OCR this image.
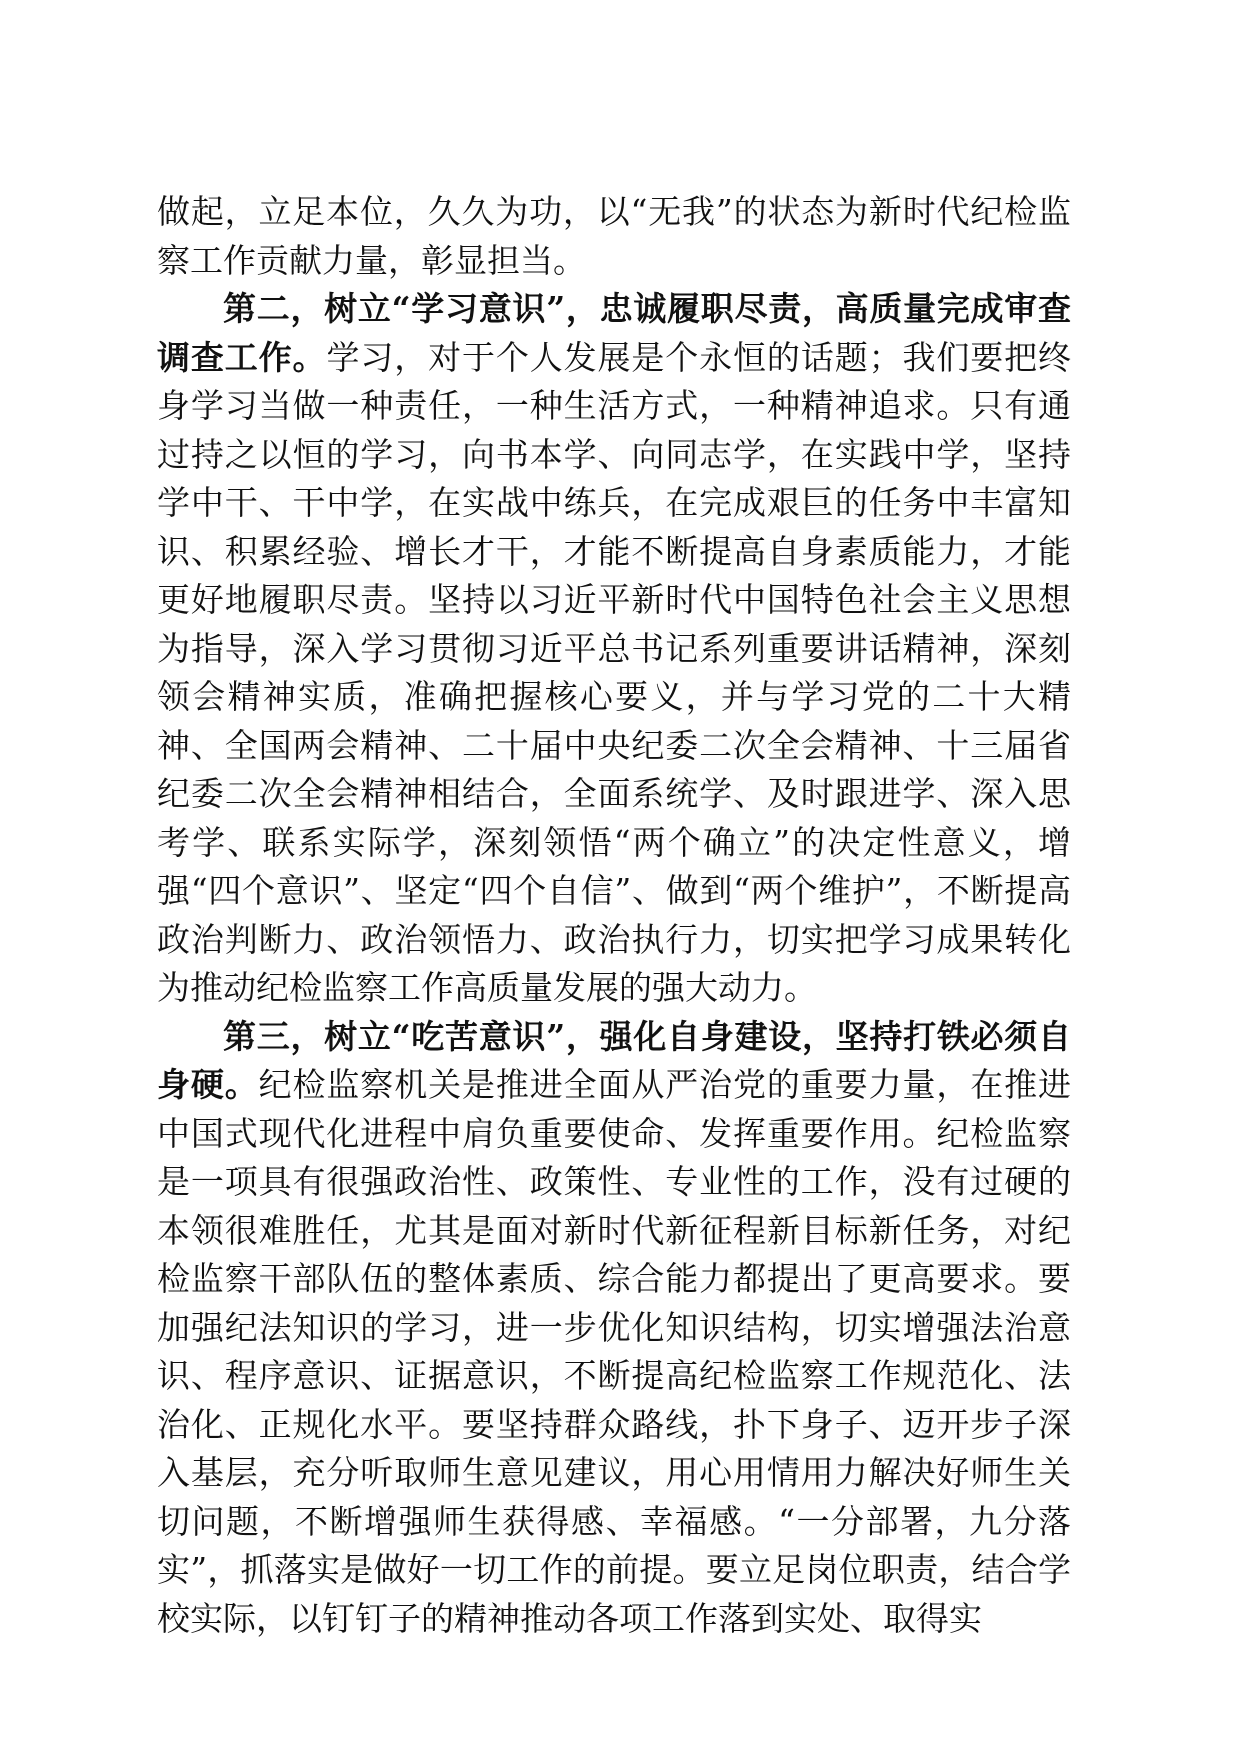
做起，立足本位，久久为功，以“无我”的状态为新时代纪检监察工作贡献力量，彰显担当。

第二，树立“学习意识”，忠诚履职尽责，高质量完成审查调查工作。学习，对于个人发展是个永恒的话题；我们要把终身学习当做一种责任，一种生活方式，一种精神追求。只有通过持之以恒的学习，向书本学、向同志学，在实践中学，坚持学中干、干中学，在实战中练兵，在完成艰巨的任务中丰富知识、积累经验、增长才干，才能不断提高自身素质能力，才能更好地履职尽责。坚持以习近平新时代中国特色社会主义思想为指导，深入学习贯彻习近平总书记系列重要讲话精神，深刻领会精神实质，准确把握核心要义，并与学习党的二十大精神、全国两会精神、二十届中央纪委二次全会精神、十三届省纪委二次全会精神相结合，全面系统学、及时跟进学、深入思考学、联系实际学，深刻领悟“两个确立”的决定性意义，增强“四个意识”、坚定“四个自信”、做到“两个维护”，不断提高政治判断力、政治领悟力、政治执行力，切实把学习成果转化为推动纪检监察工作高质量发展的强大动力。

第三，树立“吃苦意识”，强化自身建设，坚持打铁必须自身硬。纪检监察机关是推进全面从严治党的重要力量，在推进中国式现代化进程中肩负重要使命、发挥重要作用。纪检监察是一项具有很强政治性、政策性、专业性的工作，没有过硬的本领很难胜任，尤其是面对新时代新征程新目标新任务，对纪检监察干部队伍的整体素质、综合能力都提出了更高要求。要加强纪法知识的学习，进一步优化知识结构，切实增强法治意识、程序意识、证据意识，不断提高纪检监察工作规范化、法治化、正规化水平。要坚持群众路线，扑下身子、迈开步子深入基层，充分听取师生意见建议，用心用情用力解决好师生关切问题，不断增强师生获得感、幸福感。“一分部署，九分落实”，抓落实是做好一切工作的前提。要立足岗位职责，结合学校实际，以钉钉子的精神推动各项工作落到实处、取得实
